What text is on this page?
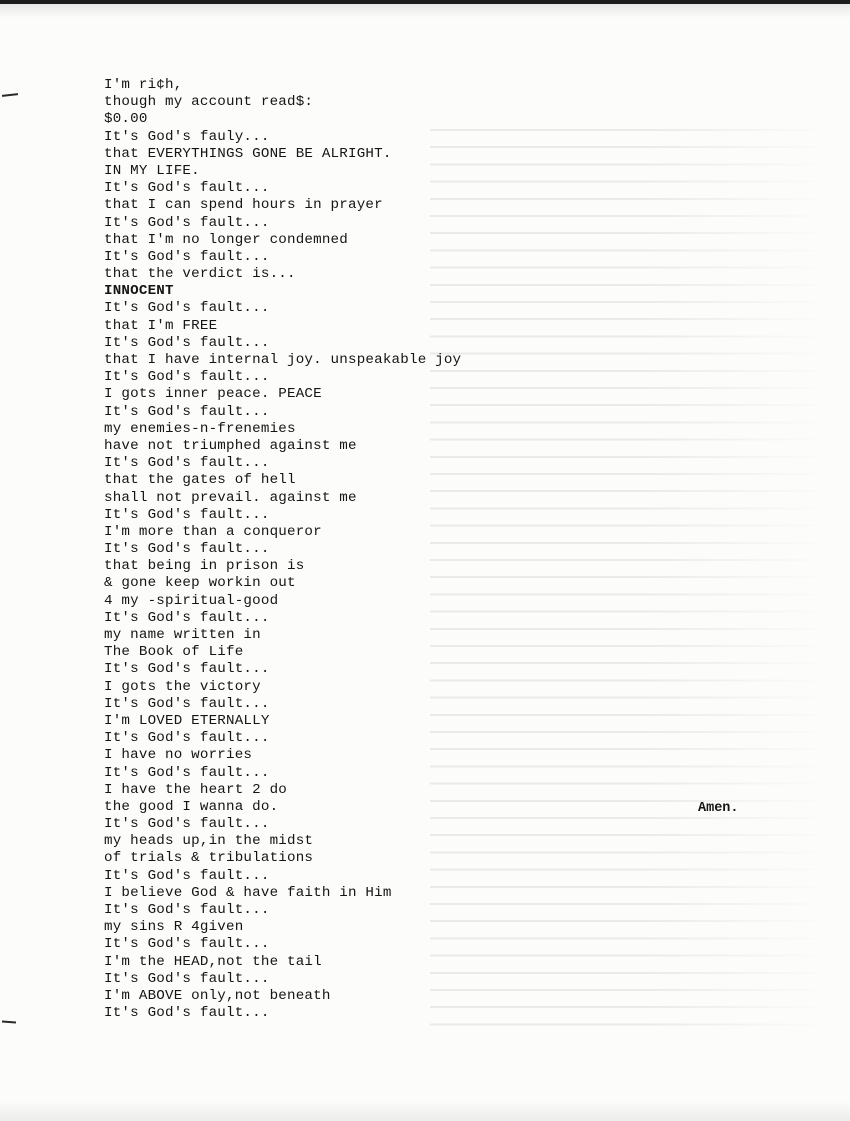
I'm ri¢h,
though my account read$:
$0.00
It's God's fauly...
that EVERYTHINGS GONE BE ALRIGHT.
IN MY LIFE.
It's God's fault...
that I can spend hours in prayer
It's God's fault...
that I'm no longer condemned
It's God's fault...
that the verdict is...
INNOCENT
It's God's fault...
that I'm FREE
It's God's fault...
that I have internal joy. unspeakable joy
It's God's fault...
I gots inner peace. PEACE
It's God's fault...
my enemies-n-frenemies
have not triumphed against me
It's God's fault...
that the gates of hell
shall not prevail. against me
It's God's fault...
I'm more than a conqueror
It's God's fault...
that being in prison is
& gone keep workin out
4 my -spiritual-good
It's God's fault...
my name written in
The Book of Life
It's God's fault...
I gots the victory
It's God's fault...
I'm LOVED ETERNALLY
It's God's fault...
I have no worries
It's God's fault...
I have the heart 2 do
the good I wanna do.
It's God's fault...
my heads up,in the midst
of trials & tribulations
It's God's fault...
I believe God & have faith in Him
It's God's fault...
my sins R 4given
It's God's fault...
I'm the HEAD,not the tail
It's God's fault...
I'm ABOVE only,not beneath
It's God's fault...
Amen.
